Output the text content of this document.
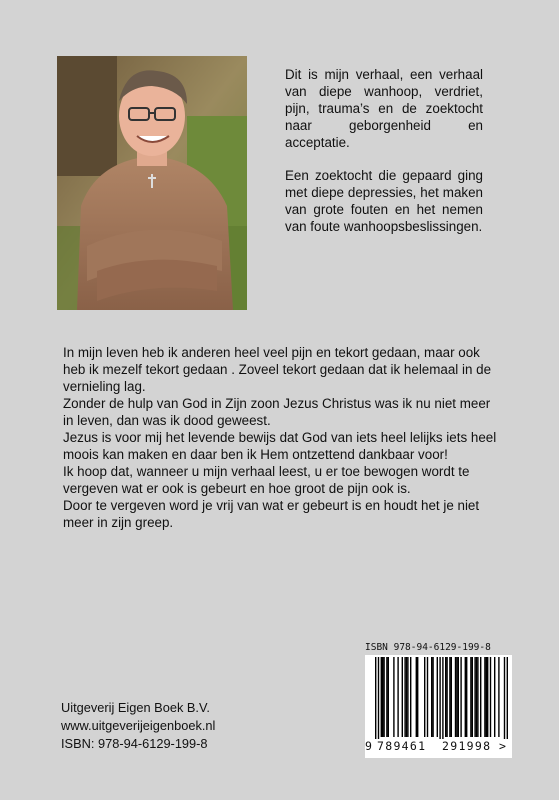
Dit is mijn verhaal, een verhaal van diepe wanhoop, verdriet, pijn, trauma’s en de zoektocht naar geborgenheid en acceptatie.

Een zoektocht die gepaard ging met diepe depressies, het maken van grote fouten en het nemen van foute wanhoopsbeslissingen.

In mijn leven heb ik anderen heel veel pijn en tekort gedaan, maar ook heb ik mezelf tekort gedaan . Zoveel tekort gedaan dat ik helemaal in de vernieling lag.

Zonder de hulp van God in Zijn zoon Jezus Christus was ik nu niet meer in leven, dan was ik dood geweest.

Jezus is voor mij het levende bewijs dat God van iets heel lelijks iets heel moois kan maken en daar ben ik Hem ontzettend dankbaar voor!

Ik hoop dat, wanneer u mijn verhaal leest, u er toe bewogen wordt te vergeven wat er ook is gebeurt en hoe groot de pijn ook is.

Door te vergeven word je vrij van wat er gebeurt is en houdt het je niet meer in zijn greep.

Uitgeverij Eigen Boek B.V.
www.uitgeverijeigenboek.nl
ISBN: 978-94-6129-199-8
ISBN 978-94-6129-199-8
9 789461	291998 >
